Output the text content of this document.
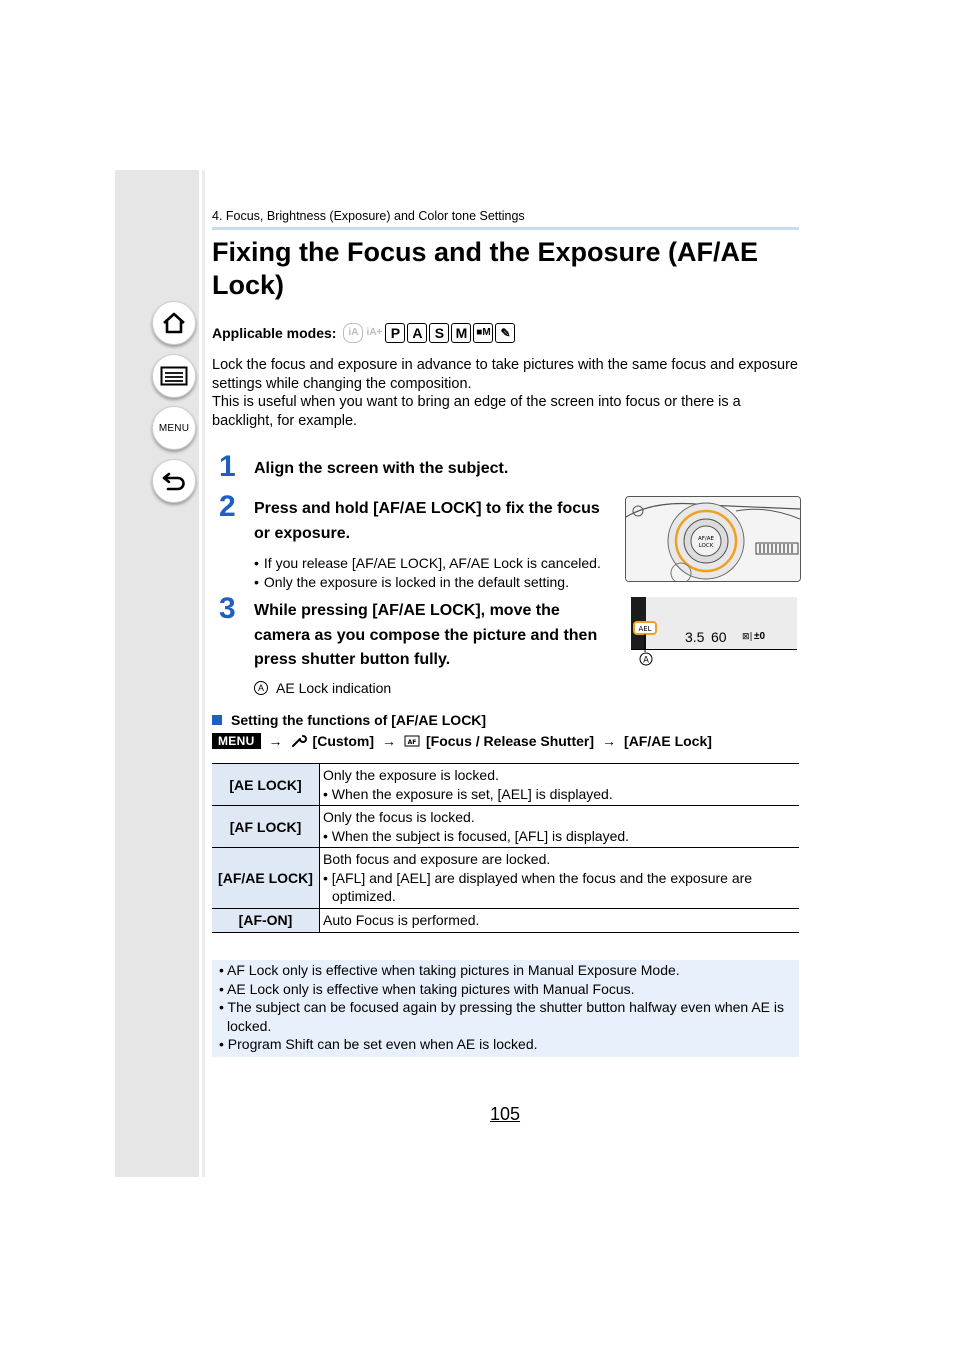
MENU
4. Focus, Brightness (Exposure) and Color tone Settings
Fixing the Focus and the Exposure (AF/AE Lock)
Applicable modes:	iA iA+ P A S M ■M ✎

Lock the focus and exposure in advance to take pictures with the same focus and exposure settings while changing the composition.

This is useful when you want to bring an edge of the screen into focus or there is a backlight, for example.

1 Align the screen with the subject.
2 Press and hold [AF/AE LOCK] to fix the focus or exposure.
• If you release [AF/AE LOCK], AF/AE Lock is canceled.
• Only the exposure is locked in the default setting.
AF/AE
LOCK
3 While pressing [AF/AE LOCK], move the camera as you compose the picture and then press shutter button fully.
AEL 3.5 60 ⊠| ±0
A
A AE Lock indication
Setting the functions of [AF/AE LOCK]
MENU	→ [Custom] → AF [Focus / Release Shutter] → [AF/AE Lock]
[AE LOCK]	Only the exposure is locked.
• When the exposure is set, [AEL] is displayed.

[AF LOCK]	Only the focus is locked.
• When the subject is focused, [AFL] is displayed.

[AF/AE LOCK]	Both focus and exposure are locked.
• [AFL] and [AEL] are displayed when the focus and the exposure are optimized.

[AF-ON]	Auto Focus is performed.
• AF Lock only is effective when taking pictures in Manual Exposure Mode.
• AE Lock only is effective when taking pictures with Manual Focus.
• The subject can be focused again by pressing the shutter button halfway even when AE is locked.
• Program Shift can be set even when AE is locked.
105
